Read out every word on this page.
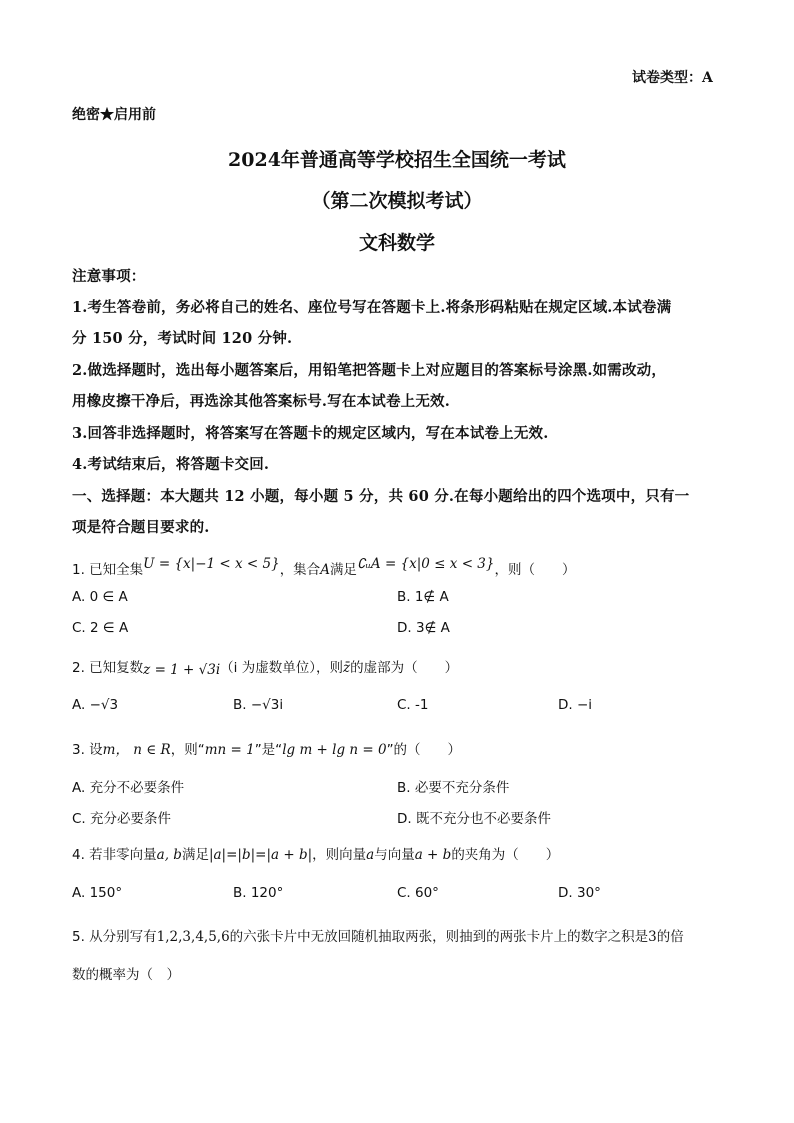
试卷类型：A
绝密★启用前
2024年普通高等学校招生全国统一考试
（第二次模拟考试）
文科数学
注意事项：
1.考生答卷前，务必将自己的姓名、座位号写在答题卡上.将条形码粘贴在规定区域.本试卷满
分 150 分，考试时间 120 分钟.
2.做选择题时，选出每小题答案后，用铅笔把答题卡上对应题目的答案标号涂黑.如需改动，
用橡皮擦干净后，再选涂其他答案标号.写在本试卷上无效.
3.回答非选择题时，将答案写在答题卡的规定区域内，写在本试卷上无效.
4.考试结束后，将答题卡交回.
一、选择题：本大题共 12 小题，每小题 5 分，共 60 分.在每小题给出的四个选项中，只有一
项是符合题目要求的.
1. 已知全集U = {x|−1 < x < 5}，集合A满足∁ᵤA = {x|0 ≤ x < 3}，则（　　）
A. 0 ∈ A	B. 1∉ A
C. 2 ∈ A	D. 3∉ A
2. 已知复数z = 1 + √3i（i 为虚数单位），则z̄的虚部为（　　）
A. −√3	B. −√3i	C. -1	D. −i
3. 设m， n ∈ R，则“mn = 1”是“lg m + lg n = 0”的（　　）
A. 充分不必要条件	B. 必要不充分条件
C. 充分必要条件	D. 既不充分也不必要条件
4. 若非零向量a, b满足|a|=|b|=|a + b|，则向量a与向量a + b的夹角为（　　）
A. 150°	B. 120°	C. 60°	D. 30°
5. 从分别写有1,2,3,4,5,6的六张卡片中无放回随机抽取两张，则抽到的两张卡片上的数字之积是3的倍
数的概率为（　）
